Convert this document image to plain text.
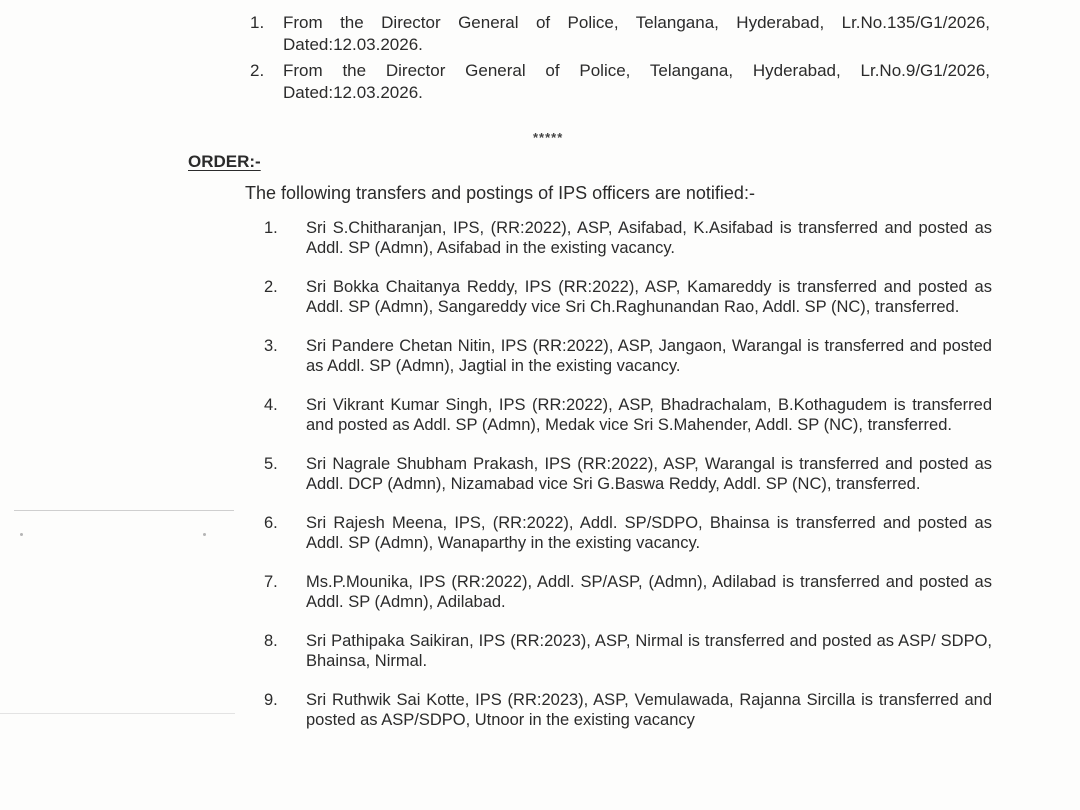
1.	From the Director General of Police, Telangana, Hyderabad, Lr.No.135/G1/2026, Dated:12.03.2026.
2.	From the Director General of Police, Telangana, Hyderabad, Lr.No.9/G1/2026, Dated:12.03.2026.
*****
ORDER:-
The following transfers and postings of IPS officers are notified:-
1.	Sri S.Chitharanjan, IPS, (RR:2022), ASP, Asifabad, K.Asifabad is transferred and posted as Addl. SP (Admn), Asifabad in the existing vacancy.
2.	Sri Bokka Chaitanya Reddy, IPS (RR:2022), ASP, Kamareddy is transferred and posted as Addl. SP (Admn), Sangareddy vice Sri Ch.Raghunandan Rao, Addl. SP (NC), transferred.
3.	Sri Pandere Chetan Nitin, IPS (RR:2022), ASP, Jangaon, Warangal is transferred and posted as Addl. SP (Admn), Jagtial in the existing vacancy.
4.	Sri Vikrant Kumar Singh, IPS (RR:2022), ASP, Bhadrachalam, B.Kothagudem is transferred and posted as Addl. SP (Admn), Medak vice Sri S.Mahender, Addl. SP (NC), transferred.
5.	Sri Nagrale Shubham Prakash, IPS (RR:2022), ASP, Warangal is transferred and posted as Addl. DCP (Admn), Nizamabad vice Sri G.Baswa Reddy, Addl. SP (NC), transferred.
6.	Sri Rajesh Meena, IPS, (RR:2022), Addl. SP/SDPO, Bhainsa is transferred and posted as Addl. SP (Admn), Wanaparthy in the existing vacancy.
7.	Ms.P.Mounika, IPS (RR:2022), Addl. SP/ASP, (Admn), Adilabad is transferred and posted as Addl. SP (Admn), Adilabad.
8.	Sri Pathipaka Saikiran, IPS (RR:2023), ASP, Nirmal is transferred and posted as ASP/ SDPO, Bhainsa, Nirmal.
9.	Sri Ruthwik Sai Kotte, IPS (RR:2023), ASP, Vemulawada, Rajanna Sircilla is transferred and posted as ASP/SDPO, Utnoor in the existing vacancy
